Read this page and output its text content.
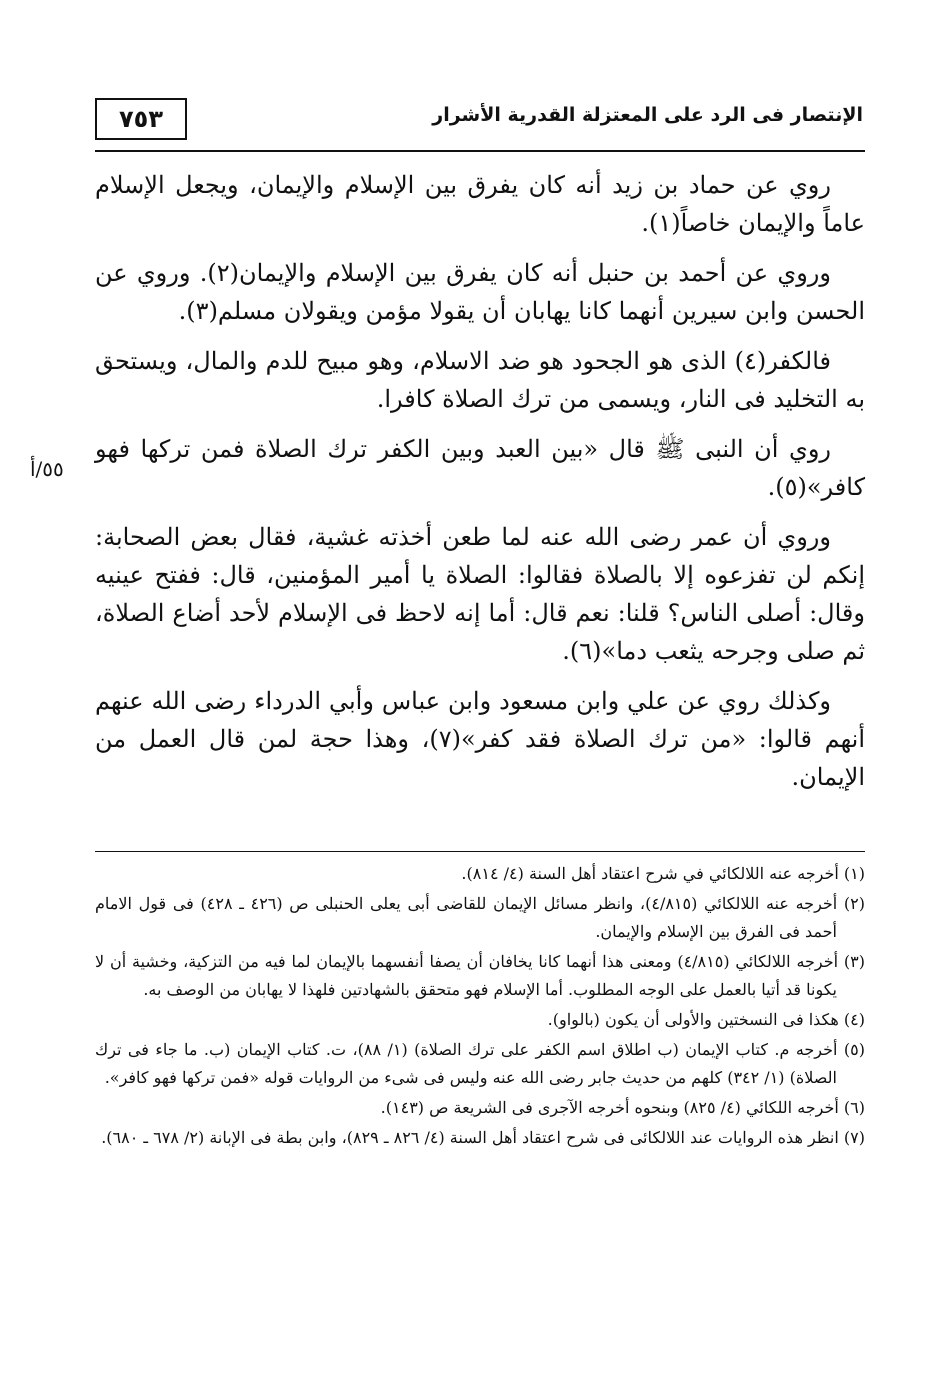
٧٥٣	الإنتصار فى الرد على المعتزلة القدرية الأشرار

روي عن حماد بن زيد أنه كان يفرق بين الإسلام والإيمان، ويجعل الإسلام عاماً والإيمان خاصاً(١).

وروي عن أحمد بن حنبل أنه كان يفرق بين الإسلام والإيمان(٢). وروي عن الحسن وابن سيرين أنهما كانا يهابان أن يقولا مؤمن ويقولان مسلم(٣).

فالكفر(٤) الذى هو الجحود هو ضد الاسلام، وهو مبيح للدم والمال، ويستحق به التخليد فى النار، ويسمى من ترك الصلاة كافرا.

روي أن النبى ﷺ قال «بين العبد وبين الكفر ترك الصلاة فمن تركها فهو كافر»(٥).

وروي أن عمر رضى الله عنه لما طعن أخذته غشية، فقال بعض الصحابة: إنكم لن تفزعوه إلا بالصلاة فقالوا: الصلاة يا أمير المؤمنين، قال: ففتح عينيه وقال: أصلى الناس؟ قلنا: نعم قال: أما إنه لاحظ فى الإسلام لأحد أضاع الصلاة، ثم صلى وجرحه يثعب دما»(٦).

وكذلك روي عن علي وابن مسعود وابن عباس وأبي الدرداء رضى الله عنهم أنهم قالوا: «من ترك الصلاة فقد كفر»(٧)، وهذا حجة لمن قال العمل من الإيمان.

٥٥/أ

(١) أخرجه عنه اللالكائي في شرح اعتقاد أهل السنة (٤/ ٨١٤).

(٢) أخرجه عنه اللالكائي (٤/٨١٥)، وانظر مسائل الإيمان للقاضى أبى يعلى الحنبلى ص (٤٢٦ ـ ٤٢٨) فى قول الامام أحمد فى الفرق بين الإسلام والإيمان.

(٣) أخرجه اللالكائي (٤/٨١٥) ومعنى هذا أنهما كانا يخافان أن يصفا أنفسهما بالإيمان لما فيه من التزكية، وخشية أن لا يكونا قد أتيا بالعمل على الوجه المطلوب. أما الإسلام فهو متحقق بالشهادتين فلهذا لا يهابان من الوصف به.

(٤) هكذا فى النسختين والأولى أن يكون (بالواو).

(٥) أخرجه م. كتاب الإيمان (ب اطلاق اسم الكفر على ترك الصلاة) (١/ ٨٨)، ت. كتاب الإيمان (ب. ما جاء فى ترك الصلاة) (١/ ٣٤٢) كلهم من حديث جابر رضى الله عنه وليس فى شىء من الروايات قوله «فمن تركها فهو كافر».

(٦) أخرجه اللكائي (٤/ ٨٢٥) وبنحوه أخرجه الآجرى فى الشريعة ص (١٤٣).

(٧) انظر هذه الروايات عند اللالكائى فى شرح اعتقاد أهل السنة (٤/ ٨٢٦ ـ ٨٢٩)، وابن بطة فى الإبانة (٢/ ٦٧٨ ـ ٦٨٠).
